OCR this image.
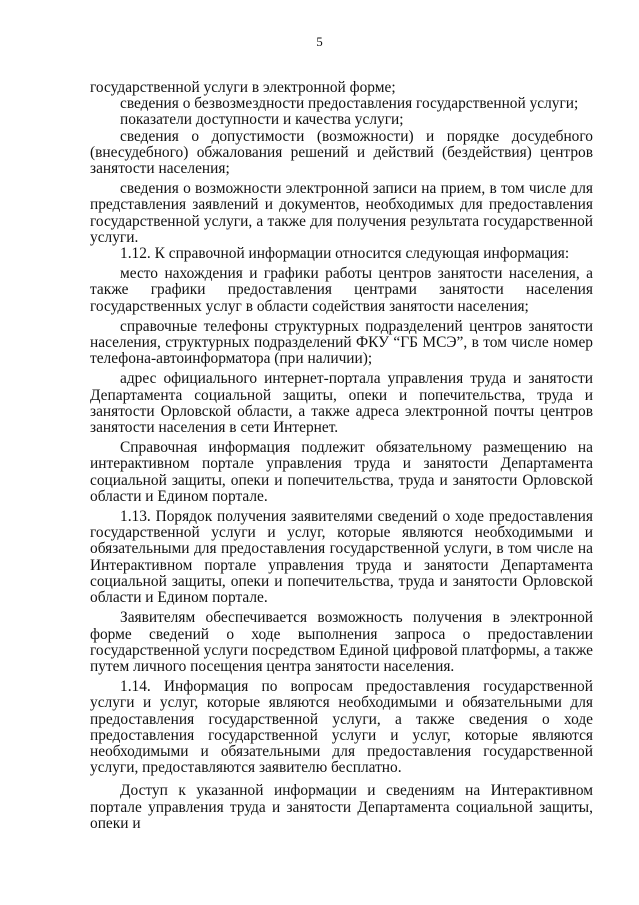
5

государственной услуги в электронной форме;

сведения о безвозмездности предоставления государственной услуги;

показатели доступности и качества услуги;

сведения о допустимости (возможности) и порядке досудебного (внесудебного) обжалования решений и действий (бездействия) центров занятости населения;

сведения о возможности электронной записи на прием, в том числе для представления заявлений и документов, необходимых для предоставления государственной услуги, а также для получения результата государственной услуги.

1.12. К справочной информации относится следующая информация:

место нахождения и графики работы центров занятости населения, а также графики предоставления центрами занятости населения государственных услуг в области содействия занятости населения;

справочные телефоны структурных подразделений центров занятости населения, структурных подразделений ФКУ “ГБ МСЭ”, в том числе номер телефона-автоинформатора (при наличии);

адрес официального интернет-портала управления труда и занятости Департамента социальной защиты, опеки и попечительства, труда и занятости Орловской области, а также адреса электронной почты центров занятости населения в сети Интернет.

Справочная информация подлежит обязательному размещению на интерактивном портале управления труда и занятости Департамента социальной защиты, опеки и попечительства, труда и занятости Орловской области и Едином портале.

1.13. Порядок получения заявителями сведений о ходе предоставления государственной услуги и услуг, которые являются необходимыми и обязательными для предоставления государственной услуги, в том числе на Интерактивном портале управления труда и занятости Департамента социальной защиты, опеки и попечительства, труда и занятости Орловской области и Едином портале.

Заявителям обеспечивается возможность получения в электронной форме сведений о ходе выполнения запроса о предоставлении государственной услуги посредством Единой цифровой платформы, а также путем личного посещения центра занятости населения.

1.14. Информация по вопросам предоставления государственной услуги и услуг, которые являются необходимыми и обязательными для предоставления государственной услуги, а также сведения о ходе предоставления государственной услуги и услуг, которые являются необходимыми и обязательными для предоставления государственной услуги, предоставляются заявителю бесплатно.

Доступ к указанной информации и сведениям на Интерактивном портале управления труда и занятости Департамента социальной защиты, опеки и
